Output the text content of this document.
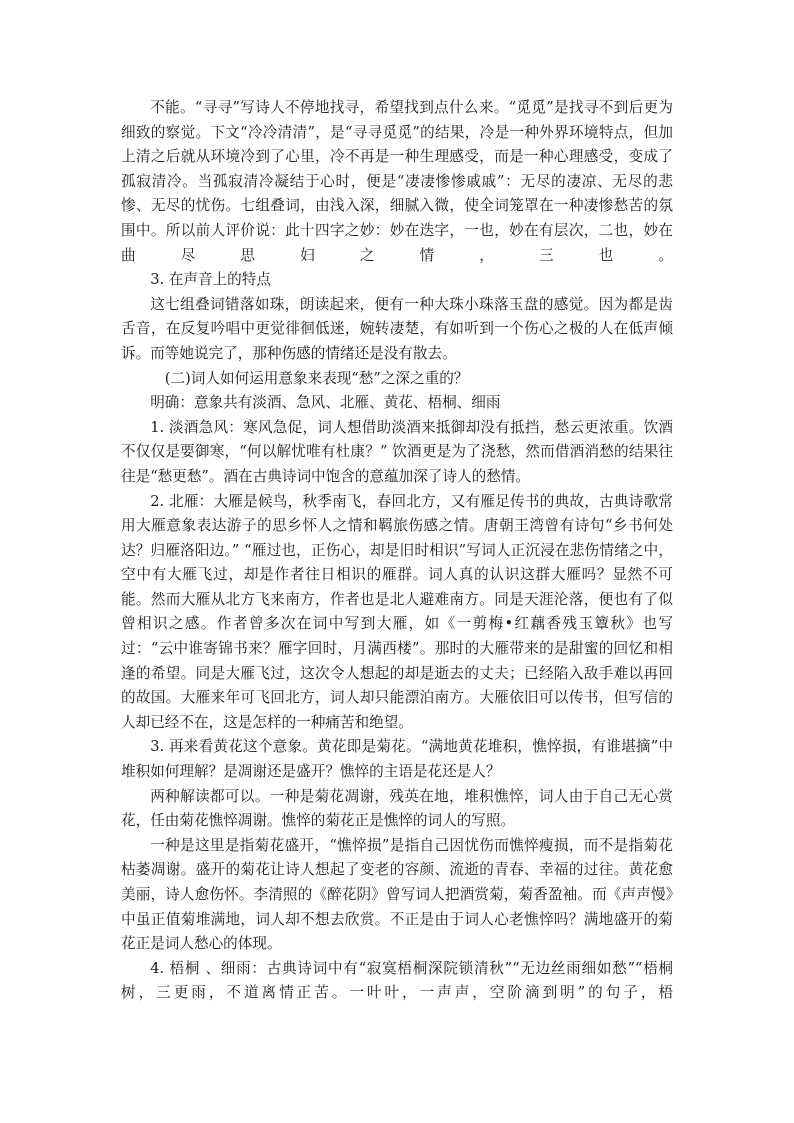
不能。“寻寻”写诗人不停地找寻，希望找到点什么来。“觅觅”是找寻不到后更为细致的察觉。下文“冷冷清清”，是“寻寻觅觅”的结果，冷是一种外界环境特点，但加上清之后就从环境冷到了心里，冷不再是一种生理感受，而是一种心理感受，变成了孤寂清冷。当孤寂清冷凝结于心时，便是“凄凄惨惨戚戚”：无尽的凄凉、无尽的悲惨、无尽的忧伤。七组叠词，由浅入深，细腻入微，使全词笼罩在一种凄惨愁苦的氛围中。所以前人评价说：此十四字之妙：妙在迭字，一也，妙在有层次，二也，妙在曲尽思妇之情，三也。

3. 在声音上的特点

这七组叠词错落如珠，朗读起来，便有一种大珠小珠落玉盘的感觉。因为都是齿舌音，在反复吟唱中更觉徘徊低迷，婉转凄楚，有如听到一个伤心之极的人在低声倾诉。而等她说完了，那种伤感的情绪还是没有散去。

(二)词人如何运用意象来表现“愁”之深之重的？

明确：意象共有淡酒、急风、北雁、黄花、梧桐、细雨

1. 淡酒急风：寒风急促，词人想借助淡酒来抵御却没有抵挡，愁云更浓重。饮酒不仅仅是要御寒，“何以解忧唯有杜康？” 饮酒更是为了浇愁，然而借酒消愁的结果往往是“愁更愁”。酒在古典诗词中饱含的意蕴加深了诗人的愁情。

2. 北雁：大雁是候鸟，秋季南飞，春回北方，又有雁足传书的典故，古典诗歌常用大雁意象表达游子的思乡怀人之情和羁旅伤感之情。唐朝王湾曾有诗句“乡书何处达？归雁洛阳边。” “雁过也，正伤心，却是旧时相识”写词人正沉浸在悲伤情绪之中，空中有大雁飞过，却是作者往日相识的雁群。词人真的认识这群大雁吗？显然不可能。然而大雁从北方飞来南方，作者也是北人避难南方。同是天涯沦落，便也有了似曾相识之感。作者曾多次在词中写到大雁，如《一剪梅•红藕香残玉簟秋》也写过：“云中谁寄锦书来？雁字回时，月满西楼”。那时的大雁带来的是甜蜜的回忆和相逢的希望。同是大雁飞过，这次令人想起的却是逝去的丈夫；已经陷入敌手难以再回的故国。大雁来年可飞回北方，词人却只能漂泊南方。大雁依旧可以传书，但写信的人却已经不在，这是怎样的一种痛苦和绝望。

3. 再来看黄花这个意象。黄花即是菊花。“满地黄花堆积，憔悴损，有谁堪摘”中堆积如何理解？是凋谢还是盛开？憔悴的主语是花还是人？

两种解读都可以。一种是菊花凋谢，残英在地，堆积憔悴，词人由于自己无心赏花，任由菊花憔悴凋谢。憔悴的菊花正是憔悴的词人的写照。

一种是这里是指菊花盛开，“憔悴损”是指自己因忧伤而憔悴瘦损，而不是指菊花枯萎凋谢。盛开的菊花让诗人想起了变老的容颜、流逝的青春、幸福的过往。黄花愈美丽，诗人愈伤怀。李清照的《醉花阴》曾写词人把酒赏菊，菊香盈袖。而《声声慢》中虽正值菊堆满地，词人却不想去欣赏。不正是由于词人心老憔悴吗？满地盛开的菊花正是词人愁心的体现。

4. 梧桐 、细雨：古典诗词中有“寂寞梧桐深院锁清秋”“无边丝雨细如愁”“梧桐树，三更雨，不道离情正苦。一叶叶，一声声，空阶滴到明”的句子，梧
